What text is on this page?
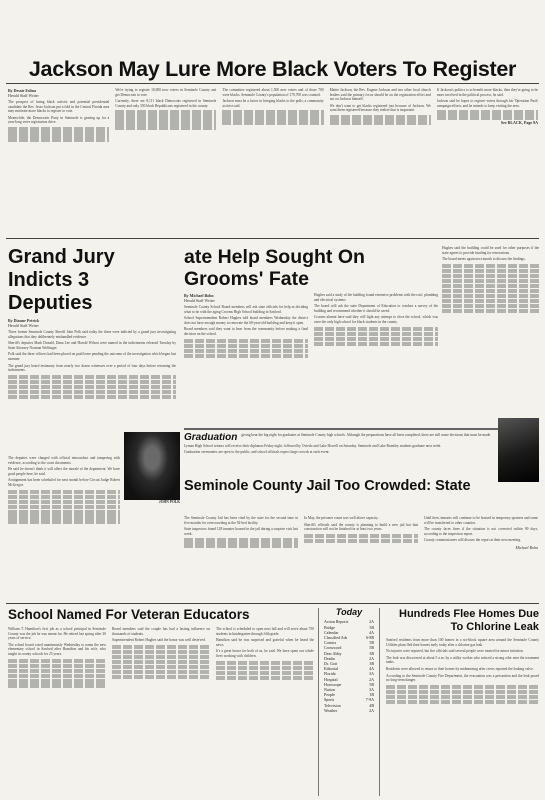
Jackson May Lure More Black Voters To Register
By Dessie Eslina
Herald Staff Writer

The prospect of luring black activist and potential presidential candidate the Rev. Jesse Jackson put a fold in the Central Florida area may motivate more blacks to register to vote.

Meanwhile, the Democratic Party in Seminole is gearing up for a year-long voter registration drive.

We're trying to register 10,000 new voters in Seminole County and get Democrats to vote.

Currently, there are 8,111 black Democrats registered in Seminole County and only 350 black Republicans registered in the county.

The committee registered about 1,500 new voters and of those 700 were blacks. Seminole County's population of 179,700 was counted.

Jackson must be a factor in bringing blacks to the polls, a community activist said.

Mattie Jackson, the Rev. Eugene Jackson and two other local church leaders said the primary focus should be on the registration effort and not on Jackson himself.

We don't want to get blacks registered just because of Jackson. We want them registered because they realize that is important.

If Jackson's politics is to benefit more blacks, then they're going to be more involved in the political process, he said.

Jackson said he hopes to register voters through his 'Operation Push' campaign efforts, and he intends to keep visiting the area.

See BLACK, Page 9A
Grand Jury Indicts 3 Deputies
By Dianne Petrick
Herald Staff Writer

Three former Seminole County Sheriff John Polk said today the three were indicted by a grand jury investigating allegations that they deliberately mishandled evidence.

Sheriff's deputies Mark Donald, Dana Lee and Harold Wilson were named in the indictments released Tuesday by State Attorney Norman Wolfinger.

Polk said the three officers had been placed on paid leave pending the outcome of the investigation which began last summer.

The grand jury heard testimony from nearly two dozen witnesses over a period of four days before returning the indictments.

The deputies were charged with official misconduct and tampering with evidence, according to the court documents.

He said he doesn't think it will affect the morale of the department. We have good people here, he said.

Arraignment has been scheduled for next month before Circuit Judge Robert McGregor.

JOHN POLK
ate Help Sought On Grooms' Fate
By Michael Bohn
Herald Staff Writer

Seminole County School Board members will ask state officials for help in deciding what to do with the aging Crooms High School building in Sanford.

School Superintendent Robert Hughes told board members Wednesday the district does not have enough money to renovate the 60-year-old building and keep it open.

Board members said they want to hear from the community before making a final decision on the school.

Hughes said a study of the building found extensive problems with the roof, plumbing and electrical systems.

The board will ask the state Department of Education to conduct a survey of the building and recommend whether it should be saved.

Crooms alumni have said they will fight any attempt to close the school, which was once the only high school for black students in the county.

Hughes said the building could be used for other purposes if the state agrees to provide funding for renovations.

The board meets again next month to discuss the findings.

Graduation giving hear the big night for graduates at Seminole County high schools. Although the preparations have all been completed, there are still some decisions that must be made.

Lyman High School seniors will receive their diplomas Friday night, followed by Oviedo and Lake Howell on Saturday. Seminole and Lake Brantley students graduate next week.

Graduation ceremonies are open to the public, and school officials expect large crowds at each event.

Seminole County Jail Too Crowded: State

The Seminole County Jail has been cited by the state for the second time in five months for overcrowding at the 92-bed facility.

State inspectors found 128 inmates housed in the jail during a surprise visit last week.

In May, the prisoner count was well above capacity.

Sheriff's officials said the county is planning to build a new jail but that construction will not be finished for at least two years.

Until then, inmates will continue to be housed in temporary quarters and some will be transferred to other counties.

The county faces fines if the situation is not corrected within 90 days, according to the inspection report.

County commissioners will discuss the report at their next meeting.

Michael Bohn
School Named For Veteran Educators

William T. Hamilton's first job as a school principal in Seminole County was the job he was meant for. He retired last spring after 30 years of service.

The school board voted unanimously Wednesday to name the new elementary school in Sanford after Hamilton and his wife, who taught in county schools for 25 years.

Board members said the couple has had a lasting influence on thousands of students.

Superintendent Robert Hughes said the honor was well deserved.

The school is scheduled to open next fall and will serve about 750 students in kindergarten through fifth grade.

Hamilton said he was surprised and grateful when he heard the news.

It's a great honor for both of us, he said. We have spent our whole lives working with children.

Today
Action Reports	2A
Bridge	5B
Calendar	4A
Classified Ads	6-8B
Comics	5B
Crossword	5B
Dear Abby	3B
Deaths	2A
Dr. Gott	3B
Editorial	4A
Florida	3A
Hospital	2A
Horoscope	5B
Nation	3A
People	1B
Sports	7-9A
Television	4B
Weather	2A
Hundreds Flee Homes Due To Chlorine Leak

Sanford residents from more than 100 homes in a six-block square area around the Seminole County Utilities plant fled their homes early today after a chlorine gas leak.

No injuries were reported, but fire officials said several people were treated for minor irritation.

The leak was discovered at about 5 a.m. by a utility worker who noticed a strong odor near the treatment tanks.

Residents were allowed to return to their homes by midmorning after crews repaired the leaking valve.

According to the Seminole County Fire Department, the evacuation was a precaution and the leak posed no long-term danger.
